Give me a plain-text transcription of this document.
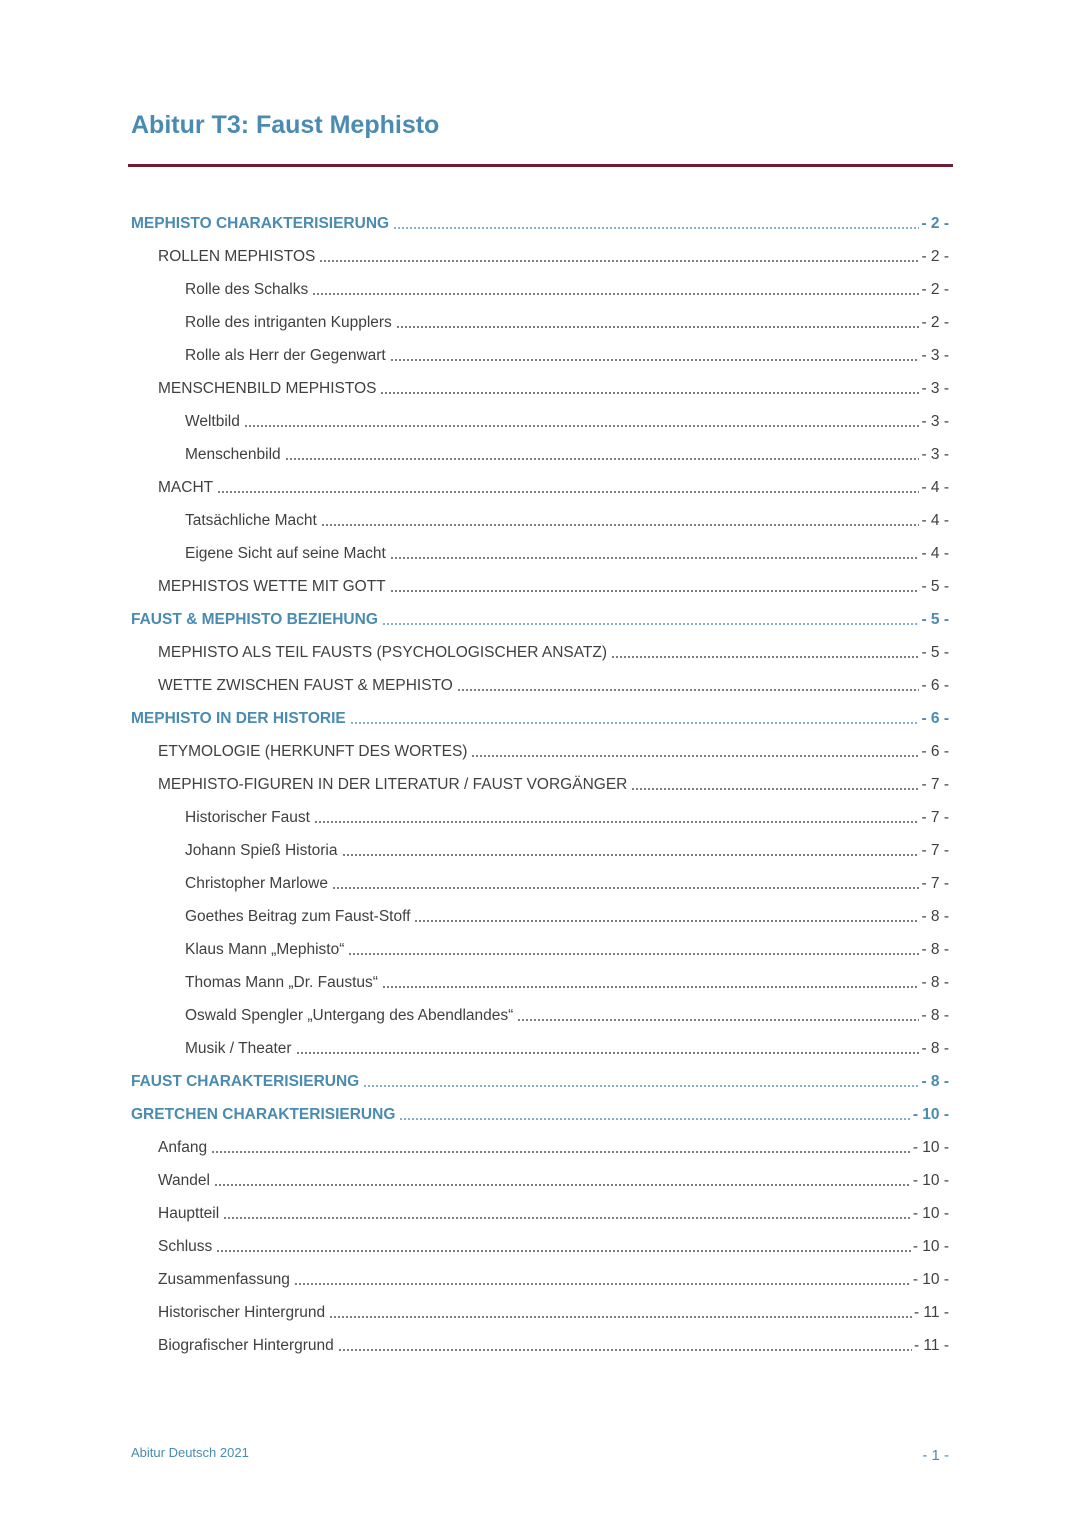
Abitur T3: Faust Mephisto
MEPHISTO CHARAKTERISIERUNG	- 2 -
ROLLEN MEPHISTOS	- 2 -
Rolle des Schalks	- 2 -
Rolle des intriganten Kupplers	- 2 -
Rolle als Herr der Gegenwart	- 3 -
MENSCHENBILD MEPHISTOS	- 3 -
Weltbild	- 3 -
Menschenbild	- 3 -
MACHT	- 4 -
Tatsächliche Macht	- 4 -
Eigene Sicht auf seine Macht	- 4 -
MEPHISTOS WETTE MIT GOTT	- 5 -
FAUST & MEPHISTO BEZIEHUNG	- 5 -
MEPHISTO ALS TEIL FAUSTS (PSYCHOLOGISCHER ANSATZ)	- 5 -
WETTE ZWISCHEN FAUST & MEPHISTO	- 6 -
MEPHISTO IN DER HISTORIE	- 6 -
ETYMOLOGIE (HERKUNFT DES WORTES)	- 6 -
MEPHISTO-FIGUREN IN DER LITERATUR / FAUST VORGÄNGER	- 7 -
Historischer Faust	- 7 -
Johann Spieß Historia	- 7 -
Christopher Marlowe	- 7 -
Goethes Beitrag zum Faust-Stoff	- 8 -
Klaus Mann „Mephisto“	- 8 -
Thomas Mann „Dr. Faustus“	- 8 -
Oswald Spengler „Untergang des Abendlandes“	- 8 -
Musik / Theater	- 8 -
FAUST CHARAKTERISIERUNG	- 8 -
GRETCHEN CHARAKTERISIERUNG	- 10 -
Anfang	- 10 -
Wandel	- 10 -
Hauptteil	- 10 -
Schluss	- 10 -
Zusammenfassung	- 10 -
Historischer Hintergrund	- 11 -
Biografischer Hintergrund	- 11 -
Abitur Deutsch 2021	- 1 -
